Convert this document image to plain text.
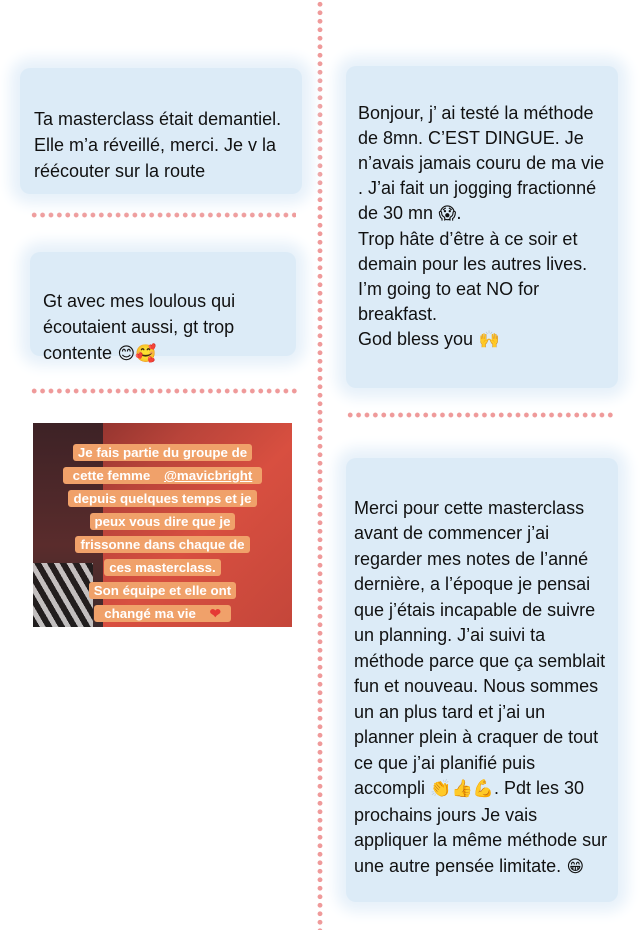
Ta masterclass était demantiel. Elle m’a réveillé, merci. Je v la réécouter sur la route

Gt avec mes loulous qui écoutaient aussi, gt trop contente 😊🥰

Je fais partie du groupe de
cette femme @mavicbright
depuis quelques temps et je
peux vous dire que je
frissonne dans chaque de
ces masterclass.
Son équipe et elle ont
changé ma vie ❤

Bonjour, j’ ai testé la méthode de 8mn. C’EST DINGUE. Je n’avais jamais couru de ma vie . J’ai fait un jogging fractionné de 30 mn 😱.
Trop hâte d’être à ce soir et demain pour les autres lives.
I’m going to eat NO for breakfast.
God bless you 🙌

Merci pour cette masterclass avant de commencer j’ai regarder mes notes de l’anné dernière, a l’époque je pensai que j’étais incapable de suivre un planning. J’ai suivi ta méthode parce que ça semblait fun et nouveau. Nous sommes un an plus tard et j’ai un planner plein à craquer de tout ce que j’ai planifié puis accompli 👏👍💪. Pdt les 30 prochains jours Je vais appliquer la même méthode sur une autre pensée limitate. 😁
